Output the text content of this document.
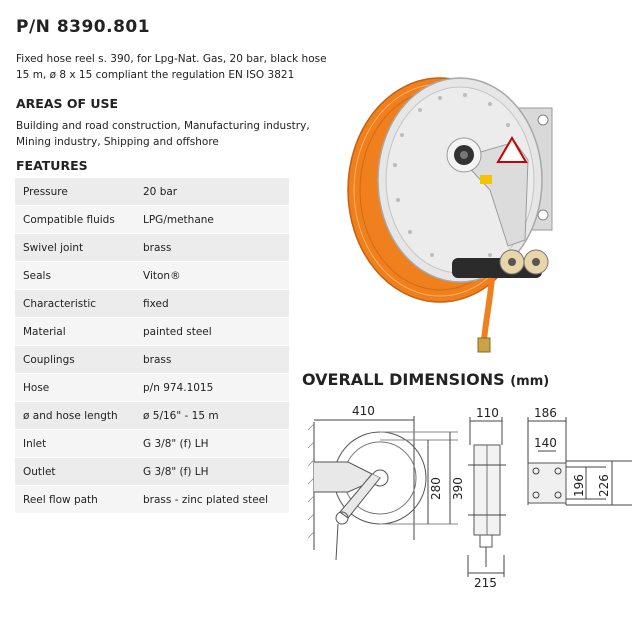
P/N 8390.801
Fixed hose reel s. 390, for Lpg-Nat. Gas, 20 bar, black hose 15 m, ø 8 x 15 compliant the regulation EN ISO 3821
AREAS OF USE
Building and road construction, Manufacturing industry, Mining industry, Shipping and offshore
FEATURES
Pressure	20 bar
Compatible fluids	LPG/methane
Swivel joint	brass
Seals	Viton®
Characteristic	fixed
Material	painted steel
Couplings	brass
Hose	p/n 974.1015
ø and hose length	ø 5/16" - 15 m
Inlet	G 3/8" (f) LH
Outlet	G 3/8" (f) LH
Reel flow path	brass - zinc plated steel
OVERALL DIMENSIONS (mm)
410
280 390
110
215
186
140
196 226
